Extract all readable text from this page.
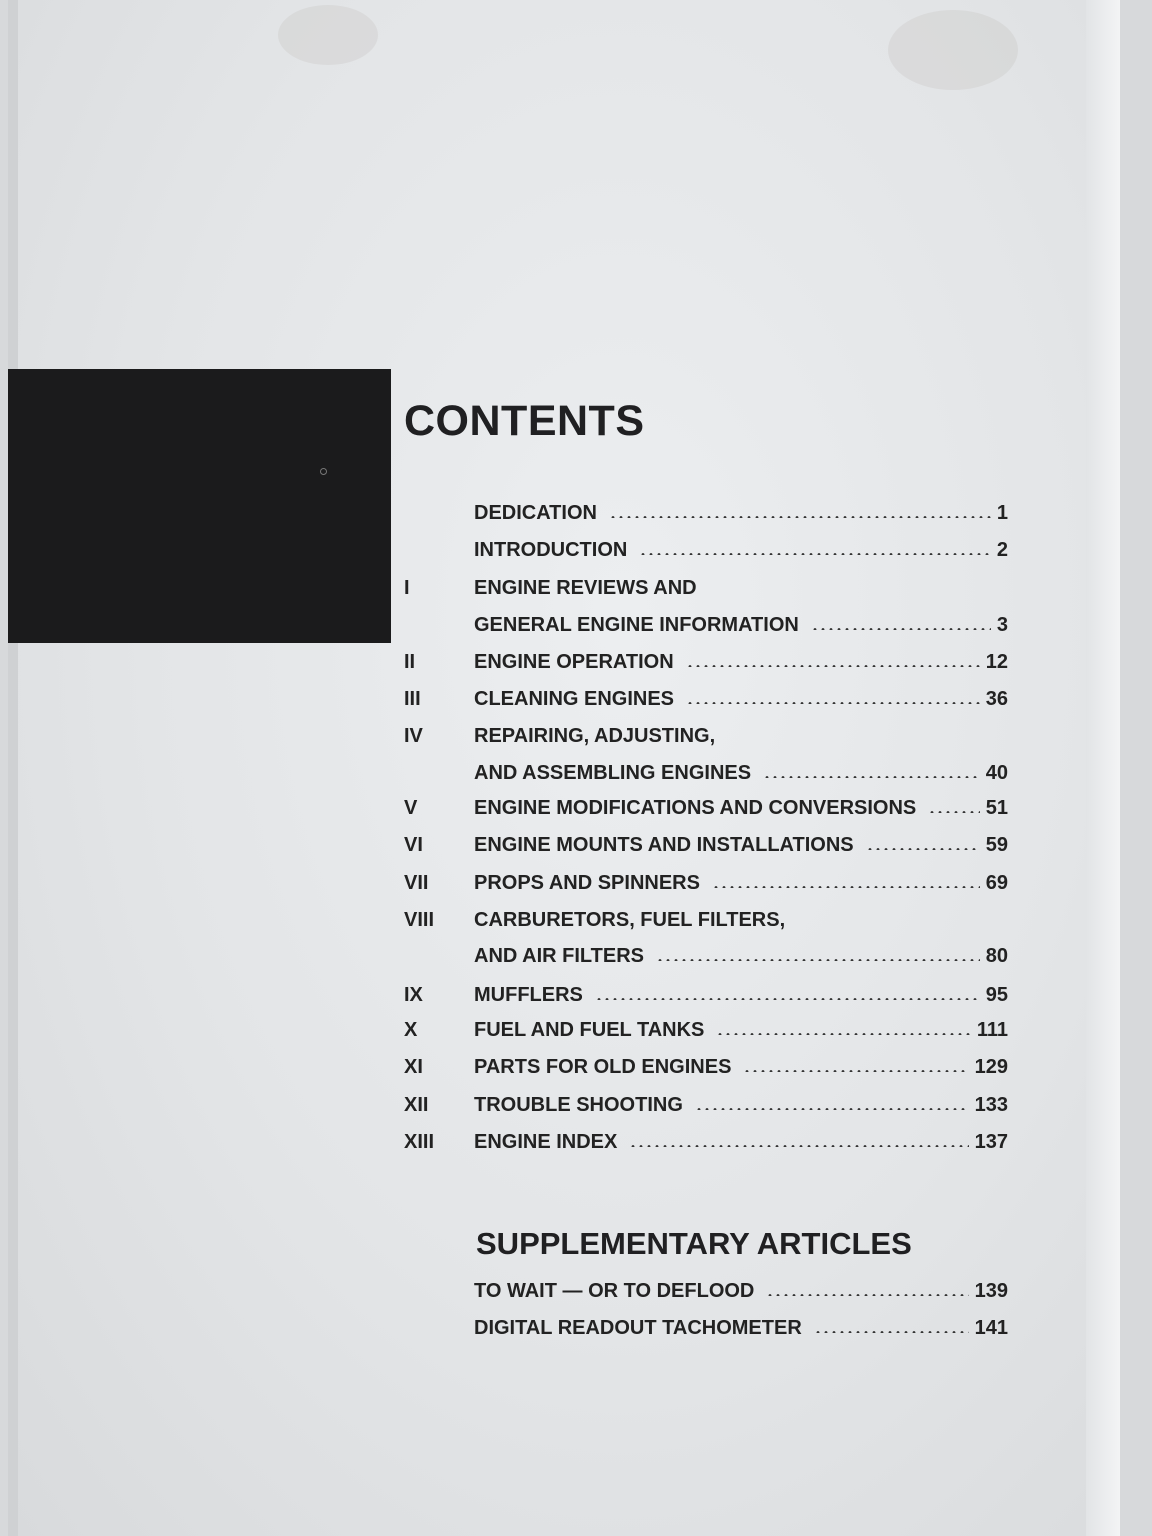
CONTENTS
DEDICATION	1
INTRODUCTION	2
I	ENGINE REVIEWS AND
GENERAL ENGINE INFORMATION	3
II	ENGINE OPERATION	12
III	CLEANING ENGINES	36
IV	REPAIRING, ADJUSTING,
AND ASSEMBLING ENGINES	40
V	ENGINE MODIFICATIONS AND CONVERSIONS	51
VI	ENGINE MOUNTS AND INSTALLATIONS	59
VII	PROPS AND SPINNERS	69
VIII	CARBURETORS, FUEL FILTERS,
AND AIR FILTERS	80
IX	MUFFLERS	95
X	FUEL AND FUEL TANKS	111
XI	PARTS FOR OLD ENGINES	129
XII	TROUBLE SHOOTING	133
XIII	ENGINE INDEX	137
SUPPLEMENTARY ARTICLES
TO WAIT — OR TO DEFLOOD	139
DIGITAL READOUT TACHOMETER	141
